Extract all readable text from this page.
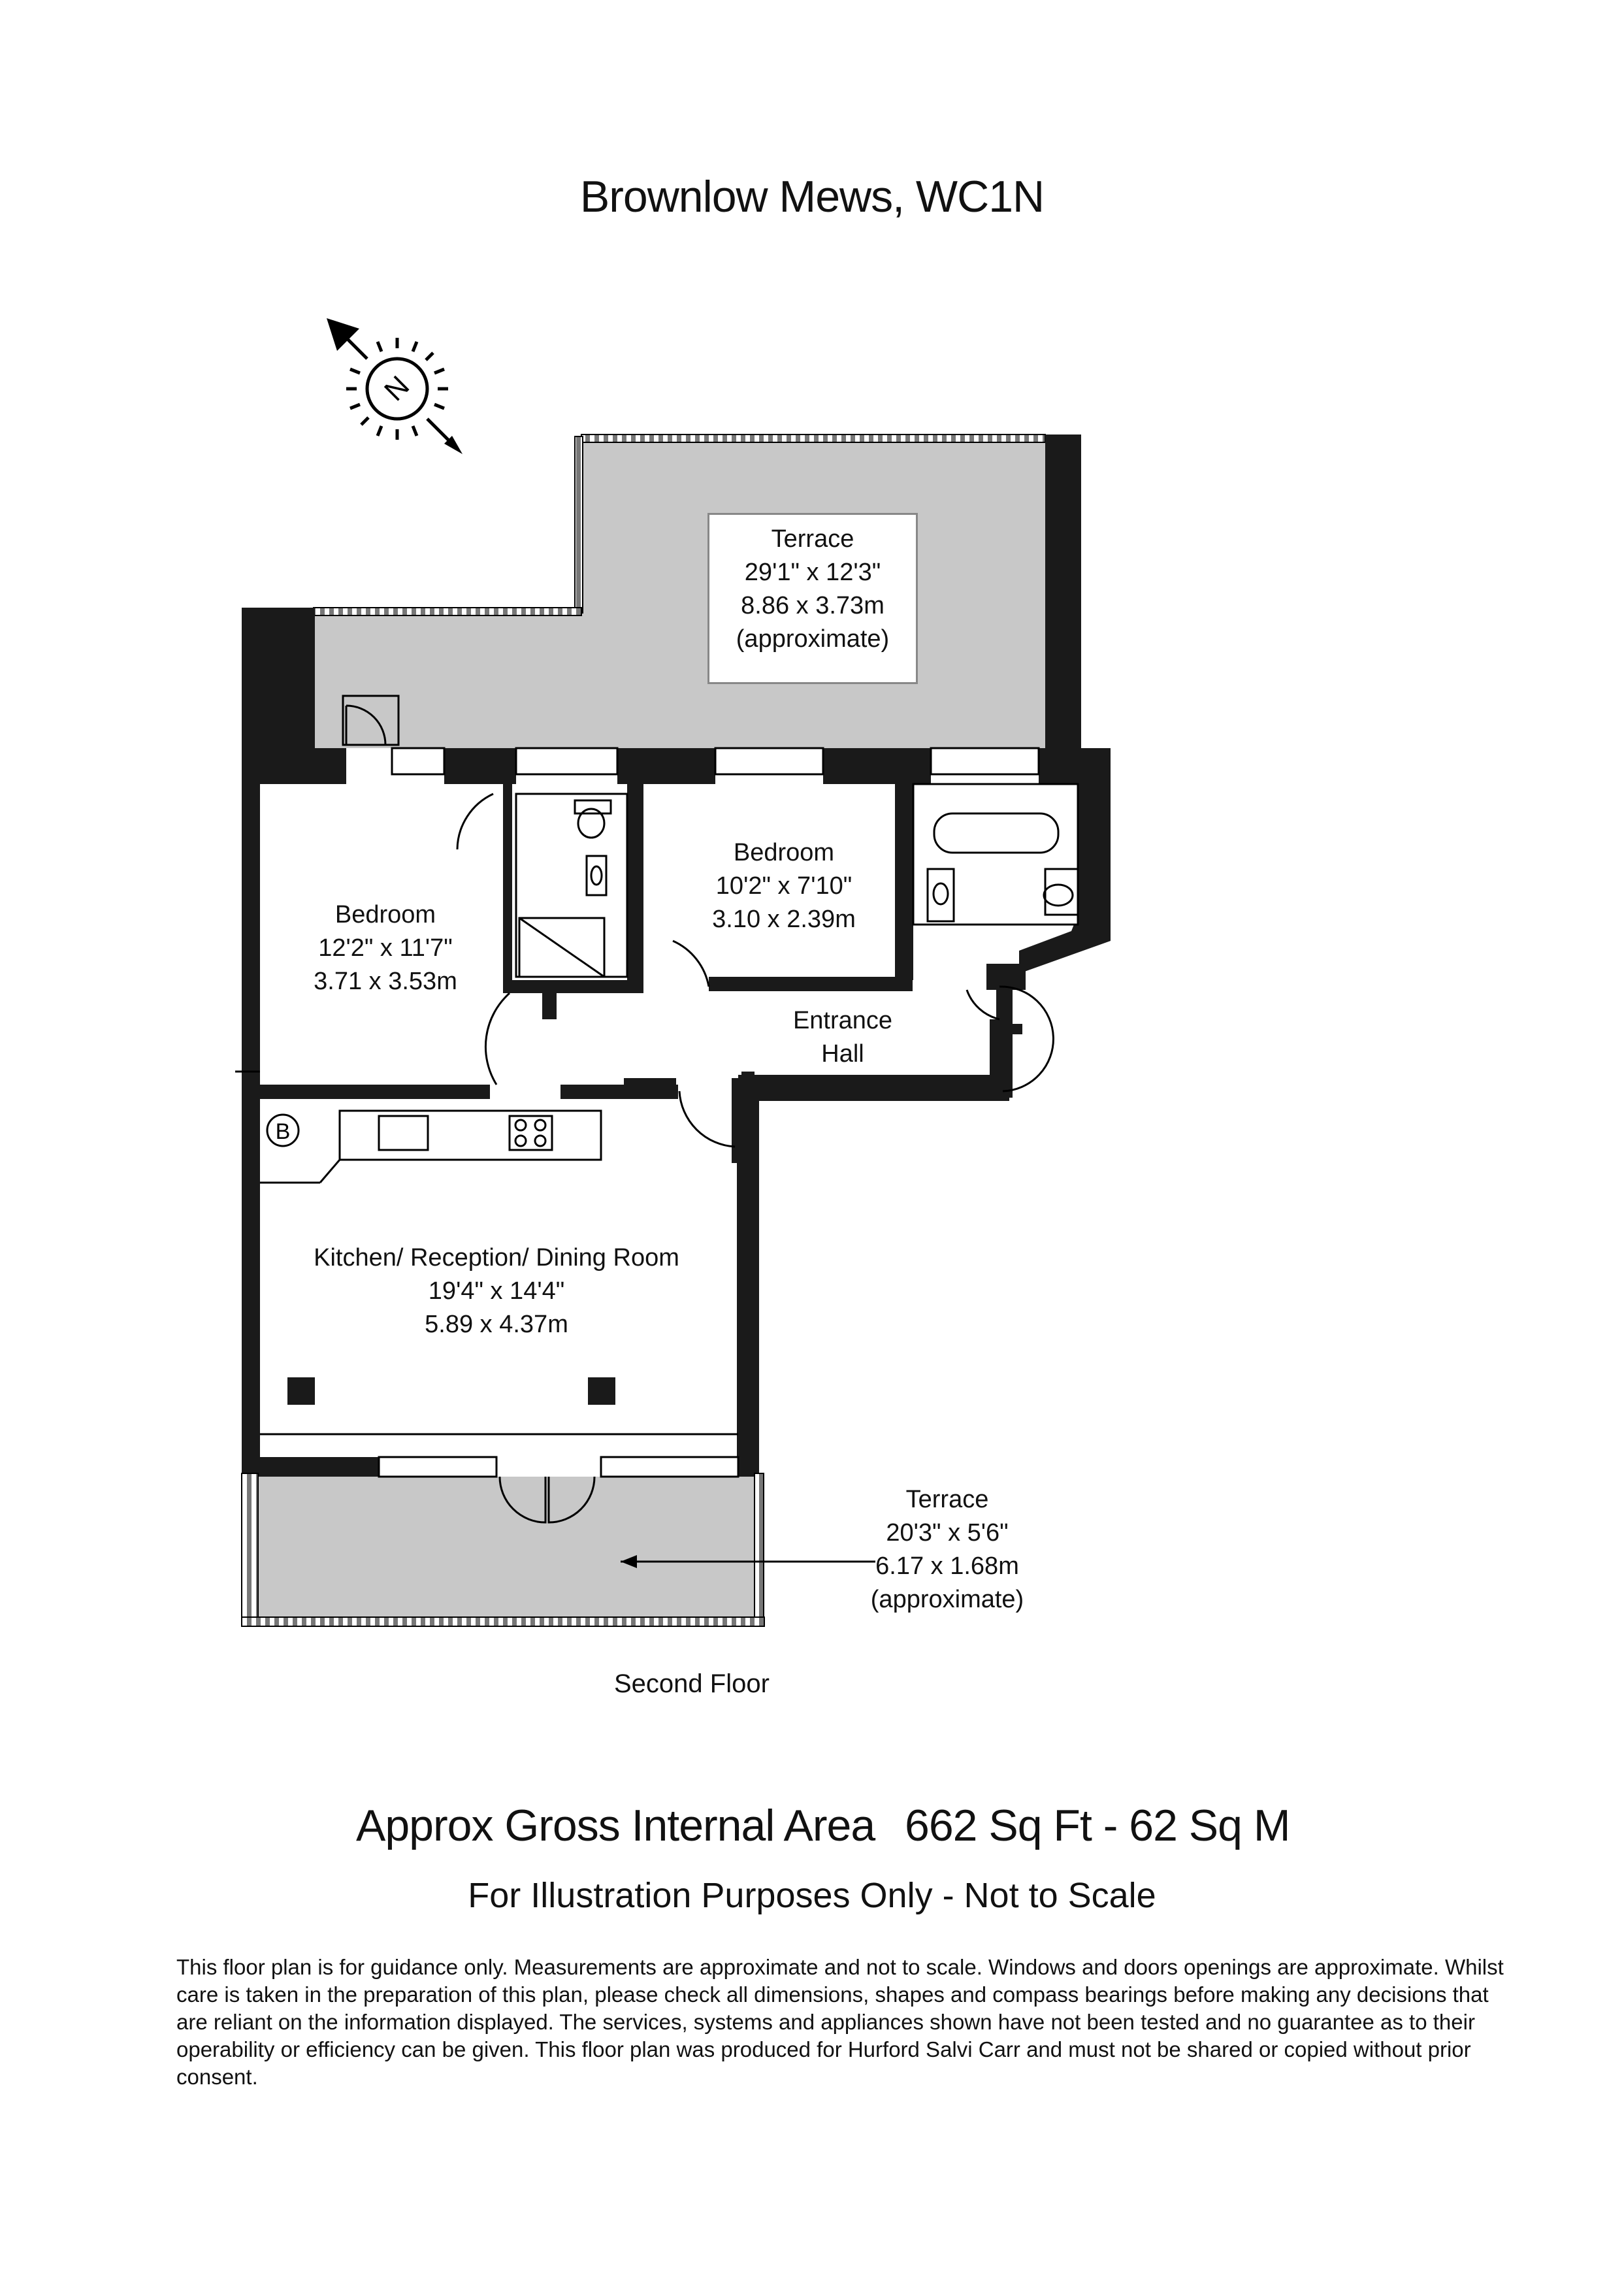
Brownlow Mews, WC1N
N
B
Terrace
29'1" x 12'3"
8.86 x 3.73m
(approximate)
Bedroom
12'2" x 11'7"
3.71 x 3.53m
Bedroom
10'2" x 7'10"
3.10 x 2.39m
Entrance
Hall
Kitchen/ Reception/ Dining Room
19'4" x 14'4"
5.89 x 4.37m
Terrace
20'3" x 5'6"
6.17 x 1.68m
(approximate)
Second Floor
Approx Gross Internal Area 662 Sq Ft - 62 Sq M
For Illustration Purposes Only - Not to Scale
This floor plan is for guidance only. Measurements are approximate and not to scale. Windows and doors openings are approximate. Whilst
care is taken in the preparation of this plan, please check all dimensions, shapes and compass bearings before making any decisions that
are reliant on the information displayed. The services, systems and appliances shown have not been tested and no guarantee as to their
operability or efficiency can be given. This floor plan was produced for Hurford Salvi Carr and must not be shared or copied without prior
consent.
